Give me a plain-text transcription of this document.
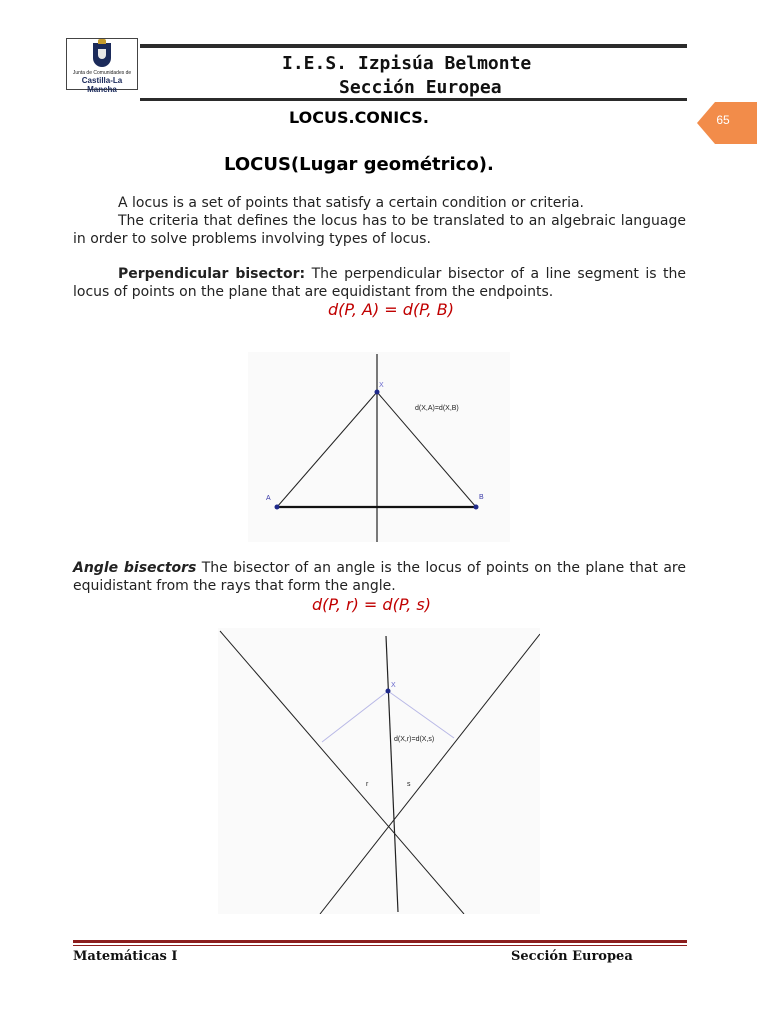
Junta de Comunidades de
Castilla-La Mancha
I.E.S. Izpisúa Belmonte
Sección Europea
65
LOCUS.CONICS.
LOCUS(Lugar geométrico).
A locus is a set of points that satisfy a certain condition or criteria.
The criteria that defines the locus has to be translated to an algebraic language in order to solve problems involving types of locus.
Perpendicular bisector: The perpendicular bisector of a line segment is the locus of points on the plane that are equidistant from the endpoints.
d(P, A) = d(P, B)
X
A	B
d(X,A)=d(X,B)
Angle bisectors The bisector of an angle is the locus of points on the plane that are equidistant from the rays that form the angle.
d(P, r) = d(P, s)
X
d(X,r)=d(X,s)
r	s
Matemáticas I	Sección Europea
